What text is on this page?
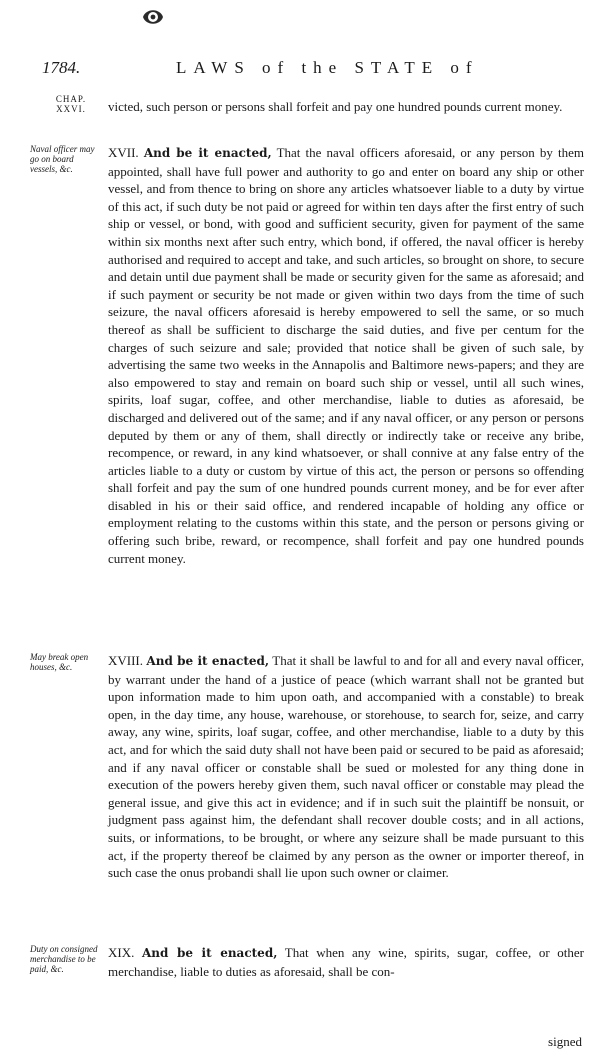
1784.	LAWS of the STATE of
CHAP.
XXVI.	victed, such person or persons shall forfeit and pay one hundred pounds current money.

Naval officer may go on board vessels, &c.

XVII. And be it enacted, That the naval officers aforesaid, or any person by them appointed, shall have full power and authority to go and enter on board any ship or other vessel, and from thence to bring on shore any articles whatsoever liable to a duty by virtue of this act, if such duty be not paid or agreed for within ten days after the first entry of such ship or vessel, or bond, with good and sufficient security, given for payment of the same within six months next after such entry, which bond, if offered, the naval officer is hereby authorised and required to accept and take, and such articles, so brought on shore, to secure and detain until due payment shall be made or security given for the same as aforesaid; and if such payment or security be not made or given within two days from the time of such seizure, the naval officers aforesaid is hereby empowered to sell the same, or so much thereof as shall be sufficient to discharge the said duties, and five per centum for the charges of such seizure and sale; provided that notice shall be given of such sale, by advertising the same two weeks in the Annapolis and Baltimore news-papers; and they are also empowered to stay and remain on board such ship or vessel, until all such wines, spirits, loaf sugar, coffee, and other merchandise, liable to duties as aforesaid, be discharged and delivered out of the same; and if any naval officer, or any person or persons deputed by them or any of them, shall directly or indirectly take or receive any bribe, recompence, or reward, in any kind whatsoever, or shall connive at any false entry of the articles liable to a duty or custom by virtue of this act, the person or persons so offending shall forfeit and pay the sum of one hundred pounds current money, and be for ever after disabled in his or their said office, and rendered incapable of holding any office or employment relating to the customs within this state, and the person or persons giving or offering such bribe, reward, or recompence, shall forfeit and pay one hundred pounds current money.

May break open houses, &c.	XVIII. And be it enacted, That it shall be lawful to and for all and every naval officer, by warrant under the hand of a justice of peace (which warrant shall not be granted but upon information made to him upon oath, and accompanied with a constable) to break open, in the day time, any house, warehouse, or storehouse, to search for, seize, and carry away, any wine, spirits, loaf sugar, coffee, and other merchandise, liable to a duty by this act, and for which the said duty shall not have been paid or secured to be paid as aforesaid; and if any naval officer or constable shall be sued or molested for any thing done in execution of the powers hereby given them, such naval officer or constable may plead the general issue, and give this act in evidence; and if in such suit the plaintiff be nonsuit, or judgment pass against him, the defendant shall recover double costs; and in all actions, suits, or informations, to be brought, or where any seizure shall be made pursuant to this act, if the property thereof be claimed by any person as the owner or importer thereof, in such case the onus probandi shall lie upon such owner or claimer.

Duty on consigned merchandise to be paid, &c.

XIX. And be it enacted, That when any wine, spirits, sugar, coffee, or other merchandise, liable to duties as aforesaid, shall be con-

signed
